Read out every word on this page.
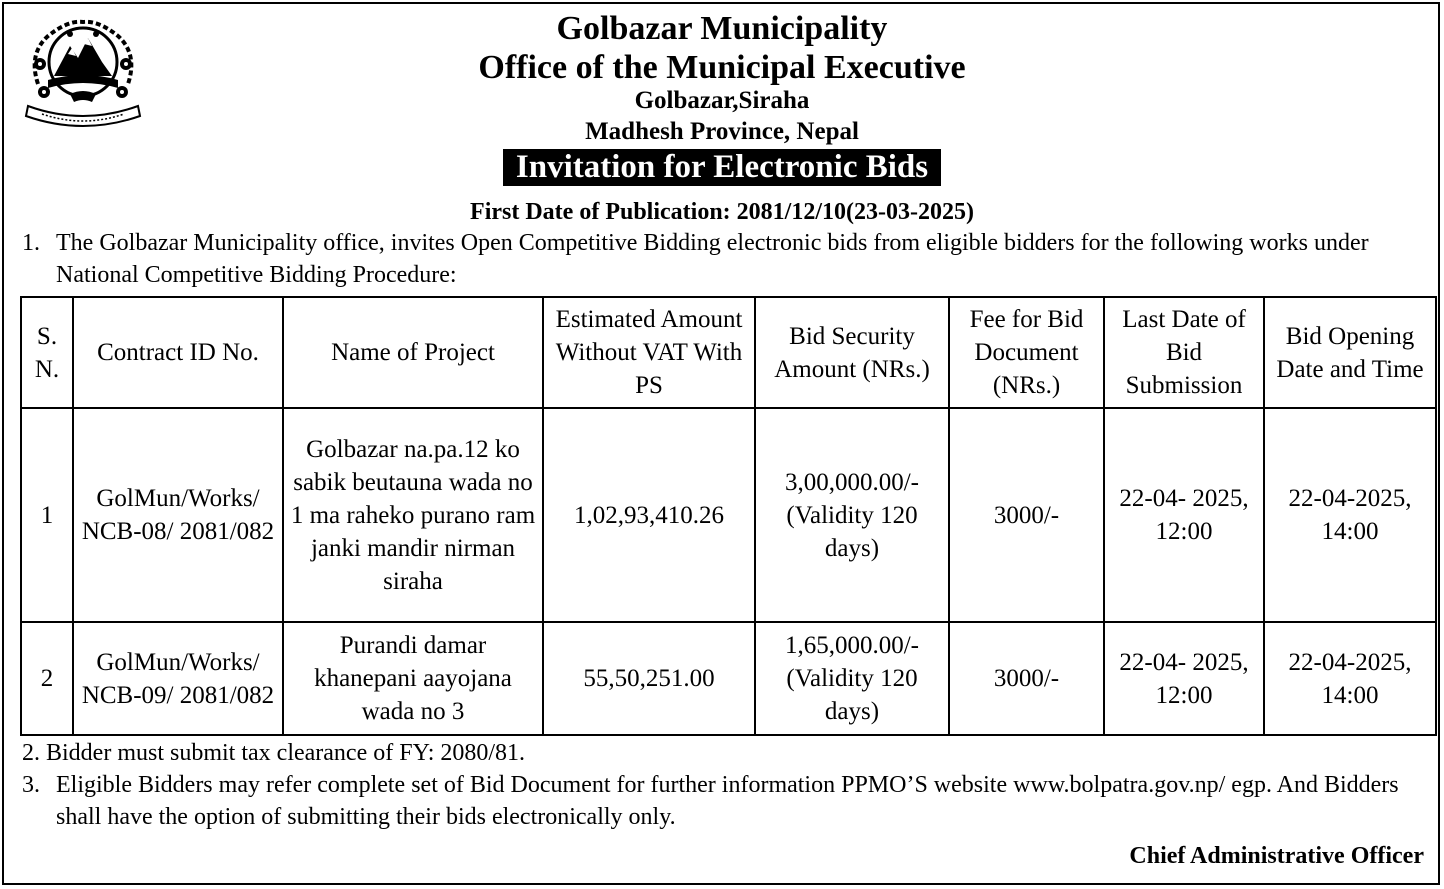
Golbazar Municipality
Office of the Municipal Executive
Golbazar,Siraha
Madhesh Province, Nepal
Invitation for Electronic Bids
First Date of Publication: 2081/12/10(23-03-2025)
1. The Golbazar Municipality office, invites Open Competitive Bidding electronic bids from eligible bidders for the following works under National Competitive Bidding Procedure:
S. N.	Contract ID No.	Name of Project	Estimated Amount Without VAT With PS	Bid Security Amount (NRs.)	Fee for Bid Document (NRs.)	Last Date of Bid Submission	Bid Opening Date and Time
1	GolMun/Works/ NCB-08/ 2081/082	Golbazar na.pa.12 ko sabik beutauna wada no 1 ma raheko purano ram janki mandir nirman siraha	1,02,93,410.26	3,00,000.00/- (Validity 120 days)	3000/-	22-04- 2025, 12:00	22-04-2025, 14:00
2	GolMun/Works/ NCB-09/ 2081/082	Purandi damar khanepani aayojana wada no 3	55,50,251.00	1,65,000.00/- (Validity 120 days)	3000/-	22-04- 2025, 12:00	22-04-2025, 14:00
2. Bidder must submit tax clearance of FY: 2080/81.
3. Eligible Bidders may refer complete set of Bid Document for further information PPMO’S website www.bolpatra.gov.np/ egp. And Bidders shall have the option of submitting their bids electronically only.
Chief Administrative Officer
